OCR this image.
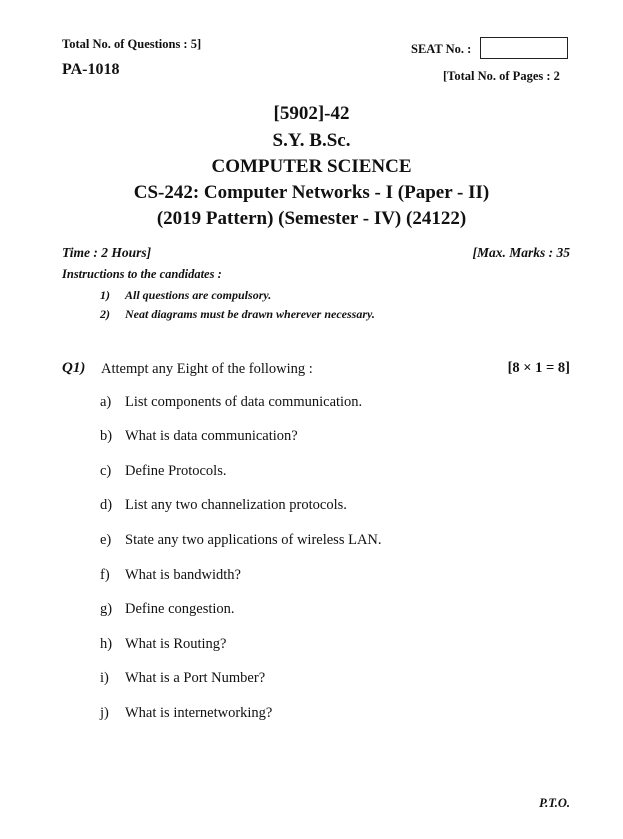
Total No. of Questions : 5]	SEAT No. :
PA-1018	[Total No. of Pages : 2
[5902]-42
S.Y. B.Sc.
COMPUTER SCIENCE
CS-242: Computer Networks - I (Paper - II)
(2019 Pattern) (Semester - IV) (24122)
Time : 2 Hours]	[Max. Marks : 35
Instructions to the candidates :
1) All questions are compulsory.
2) Neat diagrams must be drawn wherever necessary.
Q1) Attempt any Eight of the following :	[8 × 1 = 8]
a) List components of data communication.
b) What is data communication?
c) Define Protocols.
d) List any two channelization protocols.
e) State any two applications of wireless LAN.
f) What is bandwidth?
g) Define congestion.
h) What is Routing?
i) What is a Port Number?
j) What is internetworking?
P.T.O.
